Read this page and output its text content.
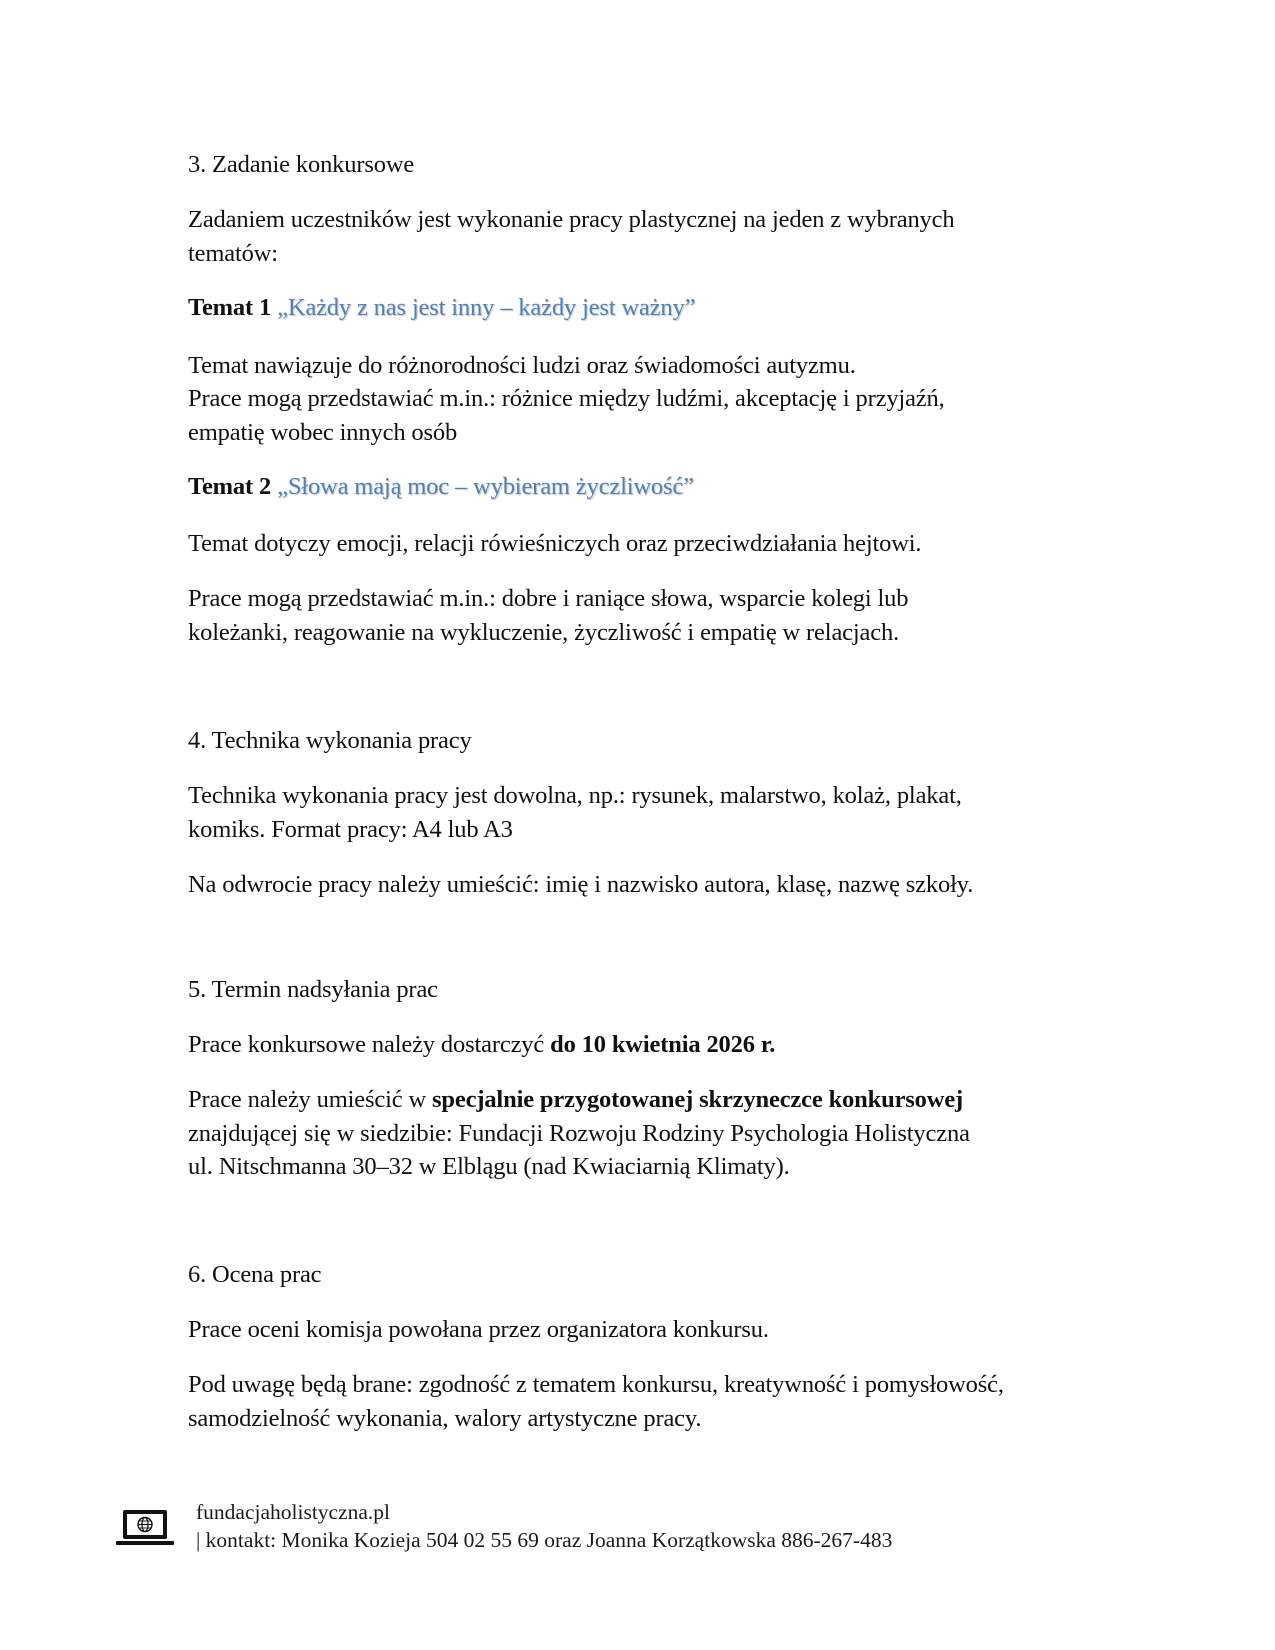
3. Zadanie konkursowe
Zadaniem uczestników jest wykonanie pracy plastycznej na jeden z wybranych
tematów:
Temat 1 „Każdy z nas jest inny – każdy jest ważny”
Temat nawiązuje do różnorodności ludzi oraz świadomości autyzmu.
Prace mogą przedstawiać m.in.: różnice między ludźmi, akceptację i przyjaźń,
empatię wobec innych osób
Temat 2 „Słowa mają moc – wybieram życzliwość”
Temat dotyczy emocji, relacji rówieśniczych oraz przeciwdziałania hejtowi.
Prace mogą przedstawiać m.in.: dobre i raniące słowa, wsparcie kolegi lub
koleżanki, reagowanie na wykluczenie, życzliwość i empatię w relacjach.
4. Technika wykonania pracy
Technika wykonania pracy jest dowolna, np.: rysunek, malarstwo, kolaż, plakat,
komiks. Format pracy: A4 lub A3
Na odwrocie pracy należy umieścić: imię i nazwisko autora, klasę, nazwę szkoły.
5. Termin nadsyłania prac
Prace konkursowe należy dostarczyć do 10 kwietnia 2026 r.
Prace należy umieścić w specjalnie przygotowanej skrzyneczce konkursowej
znajdującej się w siedzibie: Fundacji Rozwoju Rodziny Psychologia Holistyczna
ul. Nitschmanna 30–32 w Elblągu (nad Kwiaciarnią Klimaty).
6. Ocena prac
Prace oceni komisja powołana przez organizatora konkursu.
Pod uwagę będą brane: zgodność z tematem konkursu, kreatywność i pomysłowość,
samodzielność wykonania, walory artystyczne pracy.
fundacjaholistyczna.pl
| kontakt: Monika Kozieja 504 02 55 69 oraz Joanna Korzątkowska 886-267-483
